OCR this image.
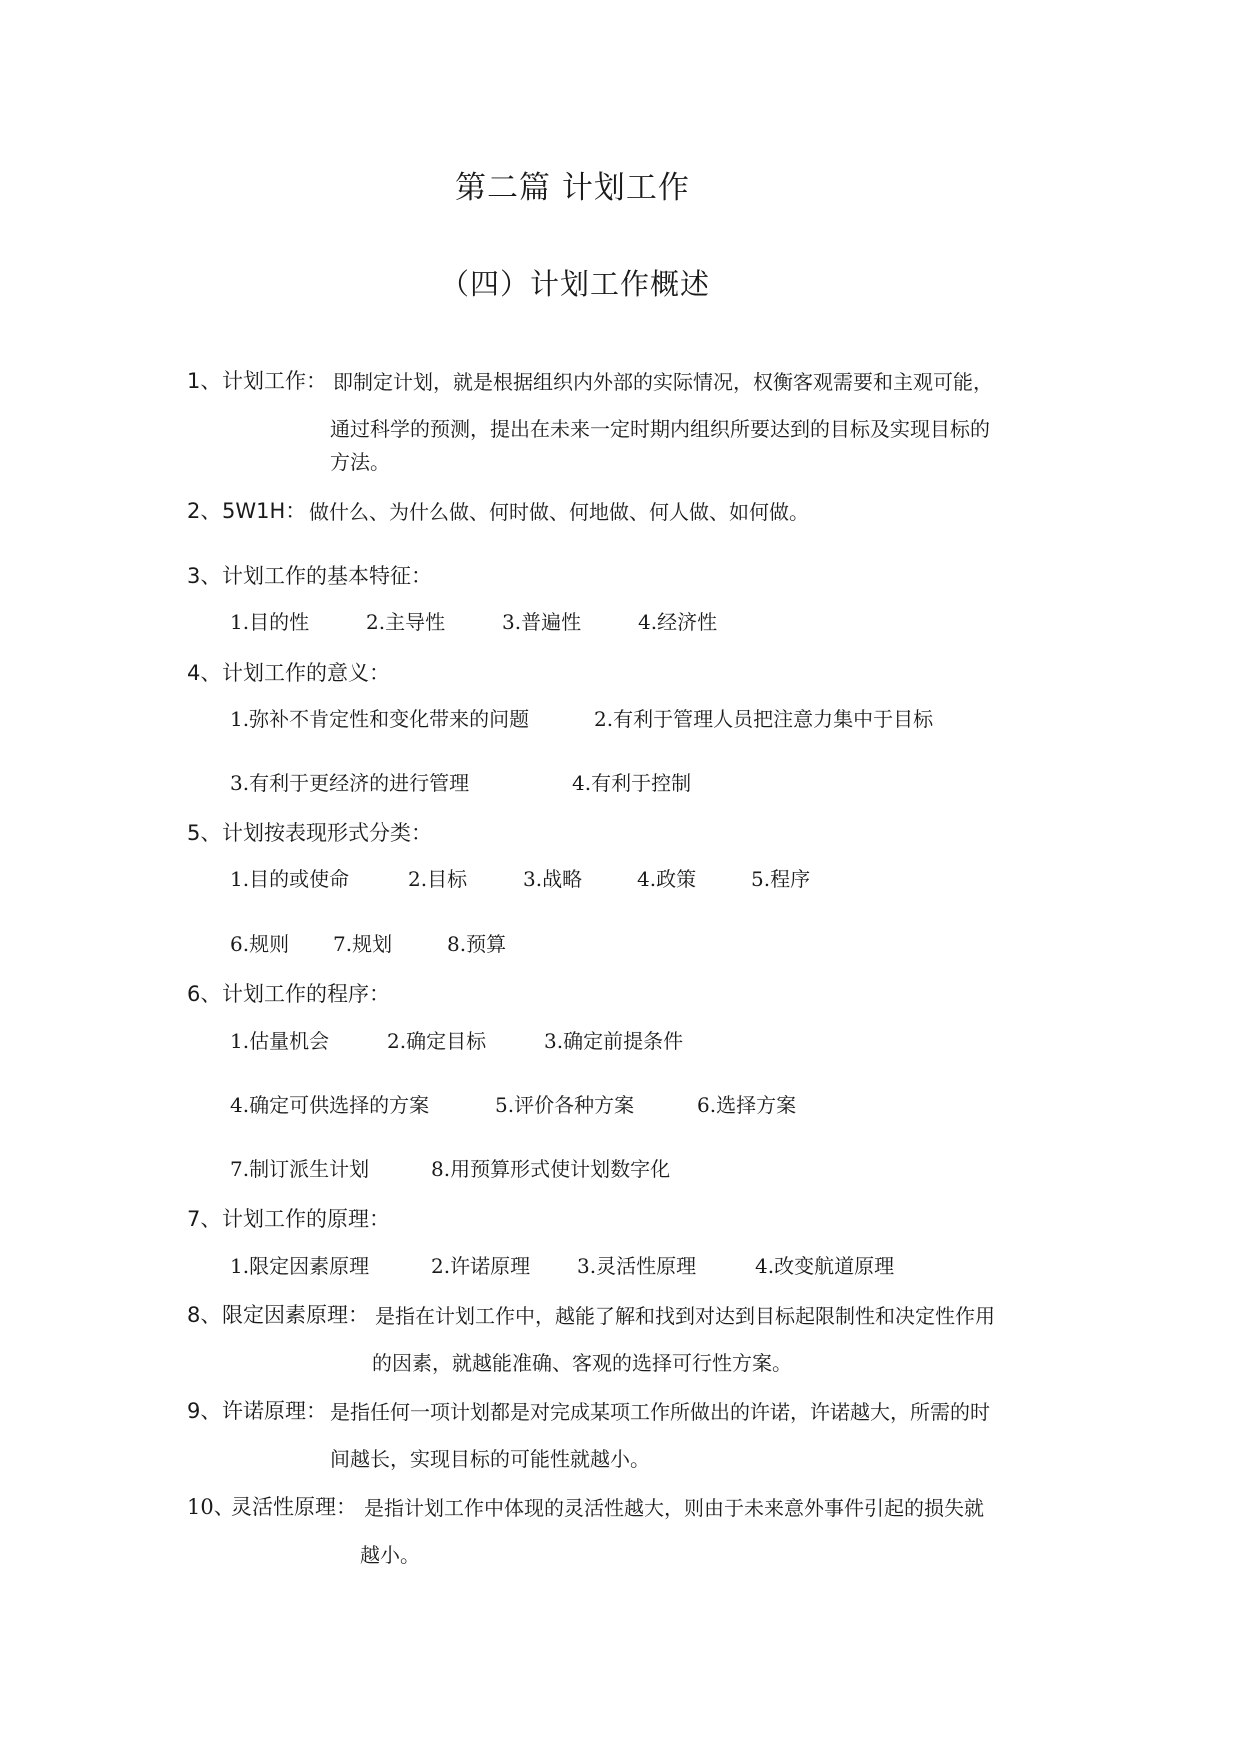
第二篇 计划工作
（四）计划工作概述
1、 计划工作： 即制定计划，就是根据组织内外部的实际情况，权衡客观需要和主观可能，
通过科学的预测，提出在未来一定时期内组织所要达到的目标及实现目标的
方法。
2、 5W1H： 做什么、为什么做、何时做、何地做、何人做、如何做。
3、 计划工作的基本特征：
1.目的性	2.主导性	3.普遍性	4.经济性
4、 计划工作的意义：
1.弥补不肯定性和变化带来的问题	2.有利于管理人员把注意力集中于目标
3.有利于更经济的进行管理	4.有利于控制
5、 计划按表现形式分类：
1.目的或使命	2.目标	3.战略	4.政策	5.程序
6.规则 7.规划	8.预算
6、 计划工作的程序：
1.估量机会	2.确定目标	3.确定前提条件
4.确定可供选择的方案	5.评价各种方案	6.选择方案
7.制订派生计划	8.用预算形式使计划数字化
7、 计划工作的原理：
1.限定因素原理	2.许诺原理 3.灵活性原理	4.改变航道原理
8、 限定因素原理： 是指在计划工作中，越能了解和找到对达到目标起限制性和决定性作用
的因素，就越能准确、客观的选择可行性方案。
9、 许诺原理： 是指任何一项计划都是对完成某项工作所做出的许诺，许诺越大，所需的时
间越长，实现目标的可能性就越小。
10、
灵活性原理： 是指计划工作中体现的灵活性越大，则由于未来意外事件引起的损失就
越小。
